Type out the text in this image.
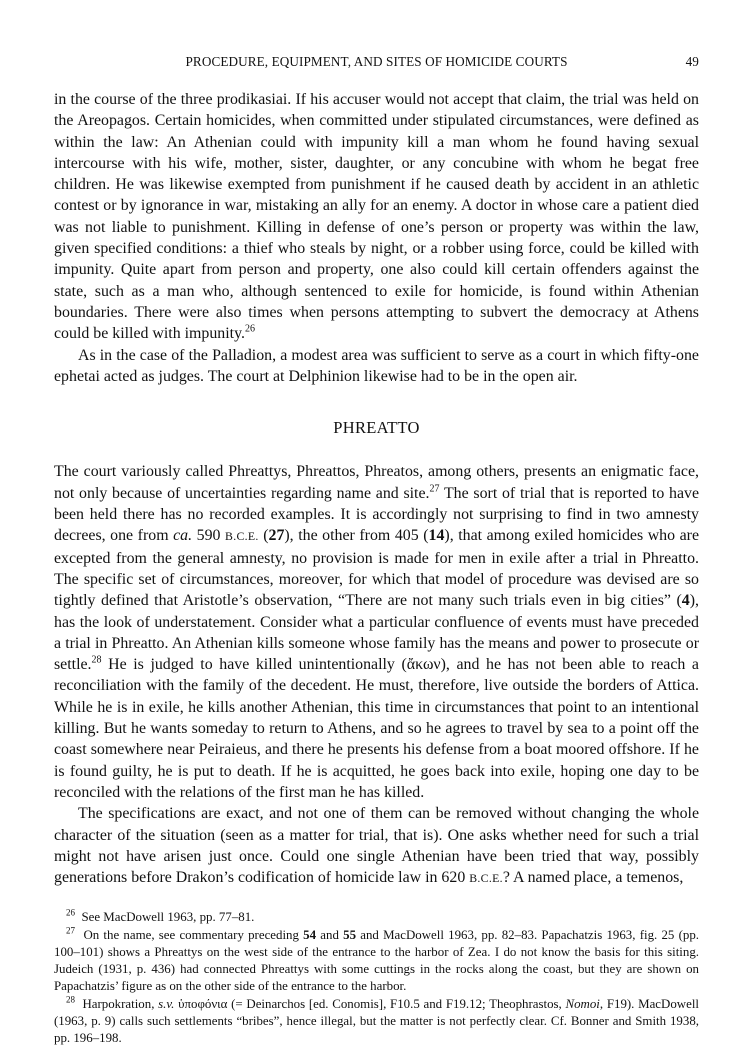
PROCEDURE, EQUIPMENT, AND SITES OF HOMICIDE COURTS	49

in the course of the three prodikasiai. If his accuser would not accept that claim, the trial was held on the Areopagos. Certain homicides, when committed under stipulated circumstances, were defined as within the law: An Athenian could with impunity kill a man whom he found having sexual intercourse with his wife, mother, sister, daughter, or any concubine with whom he begat free children. He was likewise exempted from punishment if he caused death by accident in an athletic contest or by ignorance in war, mistaking an ally for an enemy. A doctor in whose care a patient died was not liable to punishment. Killing in defense of one’s person or property was within the law, given specified conditions: a thief who steals by night, or a robber using force, could be killed with impunity. Quite apart from person and property, one also could kill certain offenders against the state, such as a man who, although sentenced to exile for homicide, is found within Athenian boundaries. There were also times when persons attempting to subvert the democracy at Athens could be killed with impunity.$^{26}$

As in the case of the Palladion, a modest area was sufficient to serve as a court in which fifty-one ephetai acted as judges. The court at Delphinion likewise had to be in the open air.

PHREATTO

The court variously called Phreattys, Phreattos, Phreatos, among others, presents an enigmatic face, not only because of uncertainties regarding name and site.$^{27}$ The sort of trial that is reported to have been held there has no recorded examples. It is accordingly not surprising to find in two amnesty decrees, one from ca. 590 B.C.E. (27), the other from 405 (14), that among exiled homicides who are excepted from the general amnesty, no provision is made for men in exile after a trial in Phreatto. The specific set of circumstances, moreover, for which that model of procedure was devised are so tightly defined that Aristotle’s observation, “There are not many such trials even in big cities” (4), has the look of understatement. Consider what a particular confluence of events must have preceded a trial in Phreatto. An Athenian kills someone whose family has the means and power to prosecute or settle.$^{28}$ He is judged to have killed unintentionally (ἄκων), and he has not been able to reach a reconciliation with the family of the decedent. He must, therefore, live outside the borders of Attica. While he is in exile, he kills another Athenian, this time in circumstances that point to an intentional killing. But he wants someday to return to Athens, and so he agrees to travel by sea to a point off the coast somewhere near Peiraieus, and there he presents his defense from a boat moored offshore. If he is found guilty, he is put to death. If he is acquitted, he goes back into exile, hoping one day to be reconciled with the relations of the first man he has killed.

The specifications are exact, and not one of them can be removed without changing the whole character of the situation (seen as a matter for trial, that is). One asks whether need for such a trial might not have arisen just once. Could one single Athenian have been tried that way, possibly generations before Drakon’s codification of homicide law in 620 B.C.E.? A named place, a temenos,

$^{26}$ See MacDowell 1963, pp. 77–81.

$^{27}$ On the name, see commentary preceding 54 and 55 and MacDowell 1963, pp. 82–83. Papachatzis 1963, fig. 25 (pp. 100–101) shows a Phreattys on the west side of the entrance to the harbor of Zea. I do not know the basis for this siting. Judeich (1931, p. 436) had connected Phreattys with some cuttings in the rocks along the coast, but they are shown on Papachatzis’ figure as on the other side of the entrance to the harbor.

$^{28}$ Harpokration, s.v. ὑποφόνια (= Deinarchos [ed. Conomis], F10.5 and F19.12; Theophrastos, Nomoi, F19). MacDowell (1963, p. 9) calls such settlements “bribes”, hence illegal, but the matter is not perfectly clear. Cf. Bonner and Smith 1938, pp. 196–198.
